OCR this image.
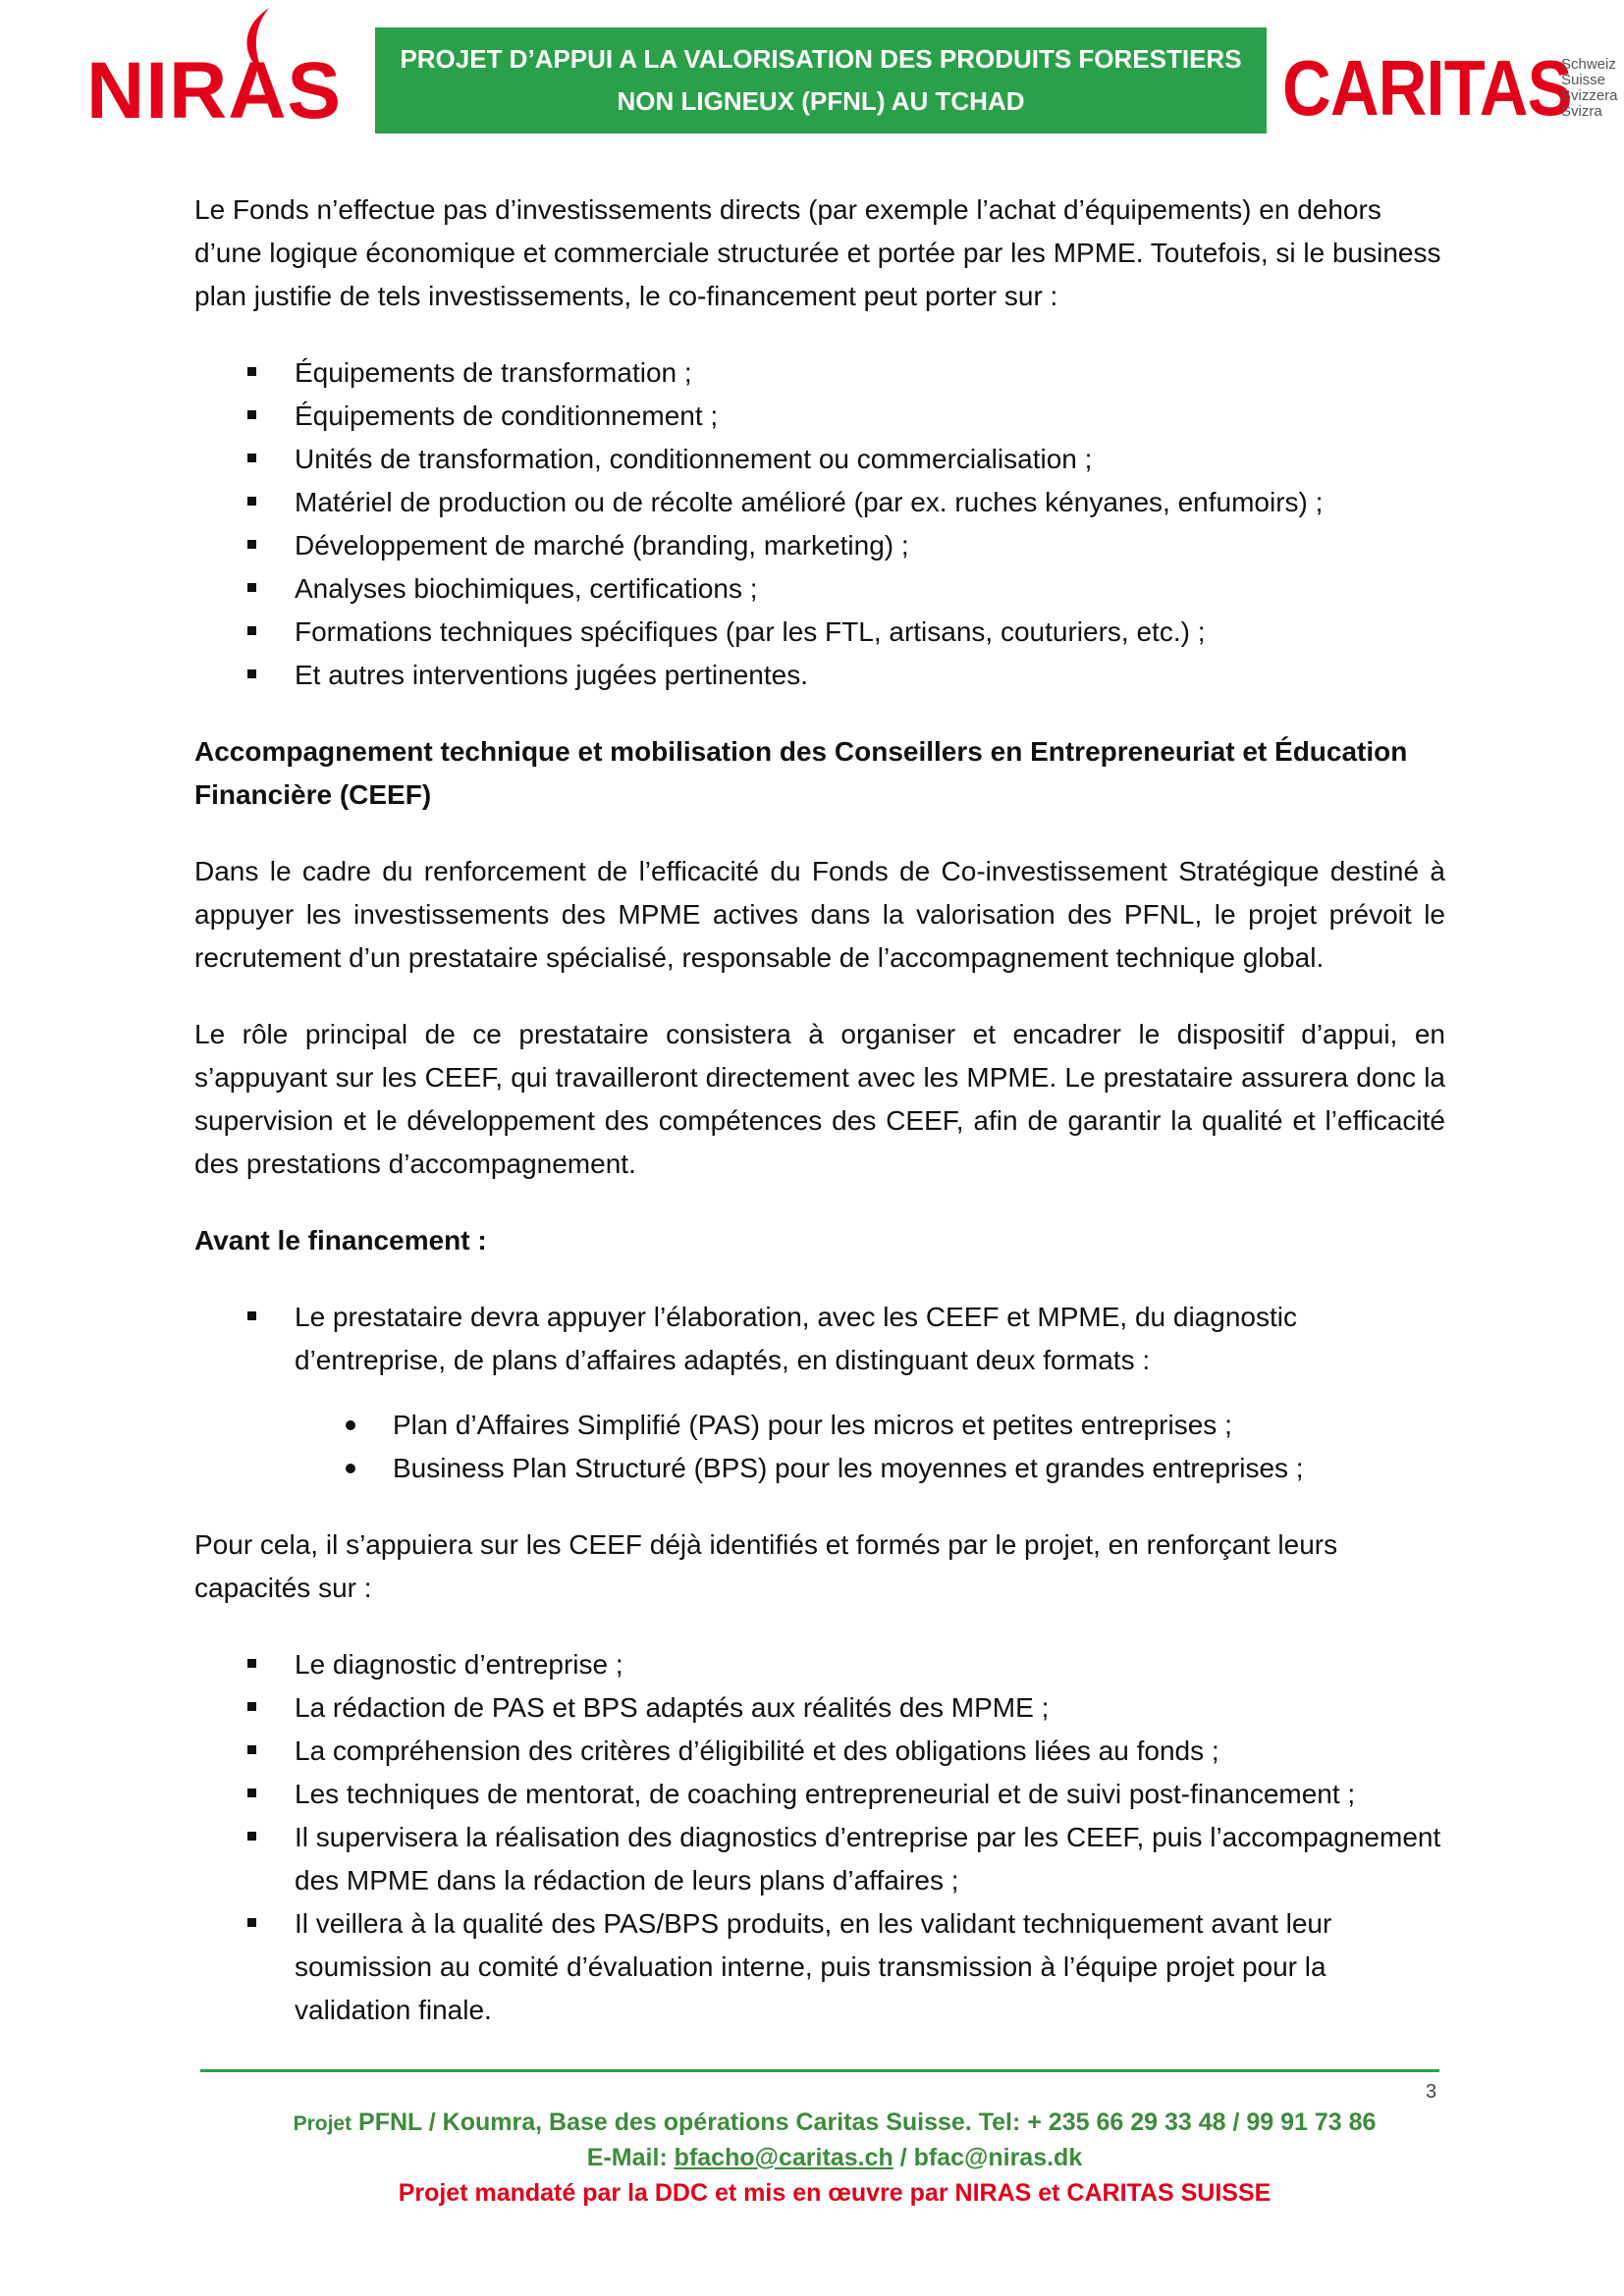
NIRAS PROJET D’APPUI A LA VALORISATION DES PRODUITS FORESTIERS
NON LIGNEUX (PFNL) AU TCHAD	CARITAS
Schweiz
Suisse
Svizzera
Svizra

Le Fonds n’effectue pas d’investissements directs (par exemple l’achat d’équipements) en dehors d’une logique économique et commerciale structurée et portée par les MPME. Toutefois, si le business plan justifie de tels investissements, le co-financement peut porter sur :

Équipements de transformation ;
Équipements de conditionnement ;
Unités de transformation, conditionnement ou commercialisation ;
Matériel de production ou de récolte amélioré (par ex. ruches kényanes, enfumoirs) ;
Développement de marché (branding, marketing) ;
Analyses biochimiques, certifications ;
Formations techniques spécifiques (par les FTL, artisans, couturiers, etc.) ;
Et autres interventions jugées pertinentes.

Accompagnement technique et mobilisation des Conseillers en Entrepreneuriat et Éducation Financière (CEEF)

Dans le cadre du renforcement de l’efficacité du Fonds de Co-investissement Stratégique destiné à appuyer les investissements des MPME actives dans la valorisation des PFNL, le projet prévoit le recrutement d’un prestataire spécialisé, responsable de l’accompagnement technique global.

Le rôle principal de ce prestataire consistera à organiser et encadrer le dispositif d’appui, en s’appuyant sur les CEEF, qui travailleront directement avec les MPME. Le prestataire assurera donc la supervision et le développement des compétences des CEEF, afin de garantir la qualité et l’efficacité des prestations d’accompagnement.

Avant le financement :

Le prestataire devra appuyer l’élaboration, avec les CEEF et MPME, du diagnostic d’entreprise, de plans d’affaires adaptés, en distinguant deux formats :
Plan d’Affaires Simplifié (PAS) pour les micros et petites entreprises ;
Business Plan Structuré (BPS) pour les moyennes et grandes entreprises ;

Pour cela, il s’appuiera sur les CEEF déjà identifiés et formés par le projet, en renforçant leurs capacités sur :

Le diagnostic d’entreprise ;
La rédaction de PAS et BPS adaptés aux réalités des MPME ;
La compréhension des critères d’éligibilité et des obligations liées au fonds ;
Les techniques de mentorat, de coaching entrepreneurial et de suivi post-financement ;
Il supervisera la réalisation des diagnostics d’entreprise par les CEEF, puis l’accompagnement des MPME dans la rédaction de leurs plans d’affaires ;
Il veillera à la qualité des PAS/BPS produits, en les validant techniquement avant leur soumission au comité d’évaluation interne, puis transmission à l’équipe projet pour la validation finale.
3
Projet PFNL / Koumra, Base des opérations Caritas Suisse. Tel: + 235 66 29 33 48 / 99 91 73 86
E-Mail: bfacho@caritas.ch / bfac@niras.dk
Projet mandaté par la DDC et mis en œuvre par NIRAS et CARITAS SUISSE
